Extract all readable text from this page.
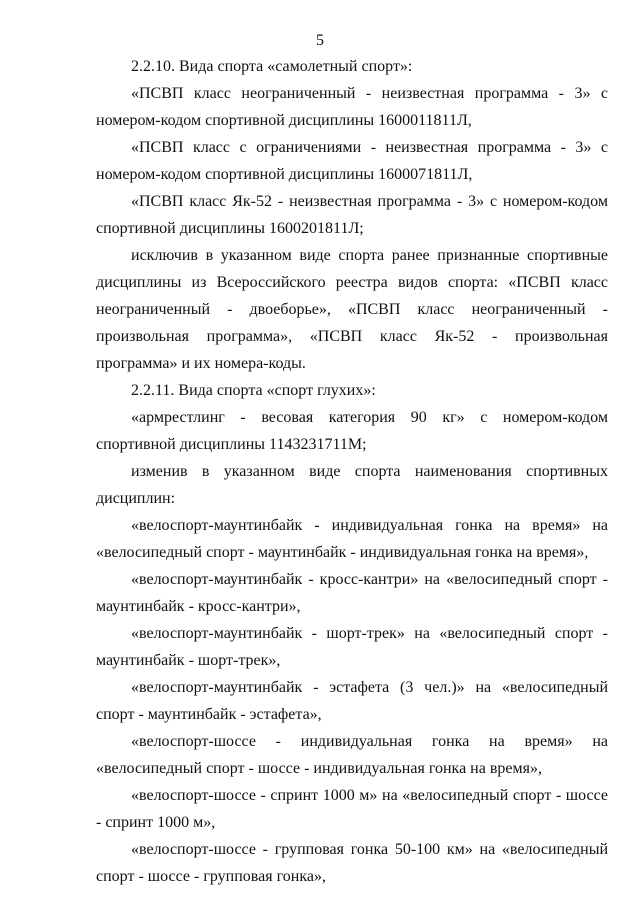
5

2.2.10. Вида спорта «самолетный спорт»:

«ПСВП класс неограниченный - неизвестная программа - 3» с номером-кодом спортивной дисциплины 1600011811Л,

«ПСВП класс с ограничениями - неизвестная программа - 3» с номером-кодом спортивной дисциплины 1600071811Л,

«ПСВП класс Як-52 - неизвестная программа - 3» с номером-кодом спортивной дисциплины 1600201811Л;

исключив в указанном виде спорта ранее признанные спортивные дисциплины из Всероссийского реестра видов спорта: «ПСВП класс неограниченный - двоеборье», «ПСВП класс неограниченный - произвольная программа», «ПСВП класс Як-52 - произвольная программа» и их номера-коды.

2.2.11. Вида спорта «спорт глухих»:

«армрестлинг - весовая категория 90 кг» с номером-кодом спортивной дисциплины 1143231711М;

изменив в указанном виде спорта наименования спортивных дисциплин:

«велоспорт-маунтинбайк - индивидуальная гонка на время» на «велосипедный спорт - маунтинбайк - индивидуальная гонка на время»,

«велоспорт-маунтинбайк - кросс-кантри» на «велосипедный спорт - маунтинбайк - кросс-кантри»,

«велоспорт-маунтинбайк - шорт-трек» на «велосипедный спорт - маунтинбайк - шорт-трек»,

«велоспорт-маунтинбайк - эстафета (3 чел.)» на «велосипедный спорт - маунтинбайк - эстафета»,

«велоспорт-шоссе - индивидуальная гонка на время» на «велосипедный спорт - шоссе - индивидуальная гонка на время»,

«велоспорт-шоссе - спринт 1000 м» на «велосипедный спорт - шоссе - спринт 1000 м»,

«велоспорт-шоссе - групповая гонка 50-100 км» на «велосипедный спорт - шоссе - групповая гонка»,
